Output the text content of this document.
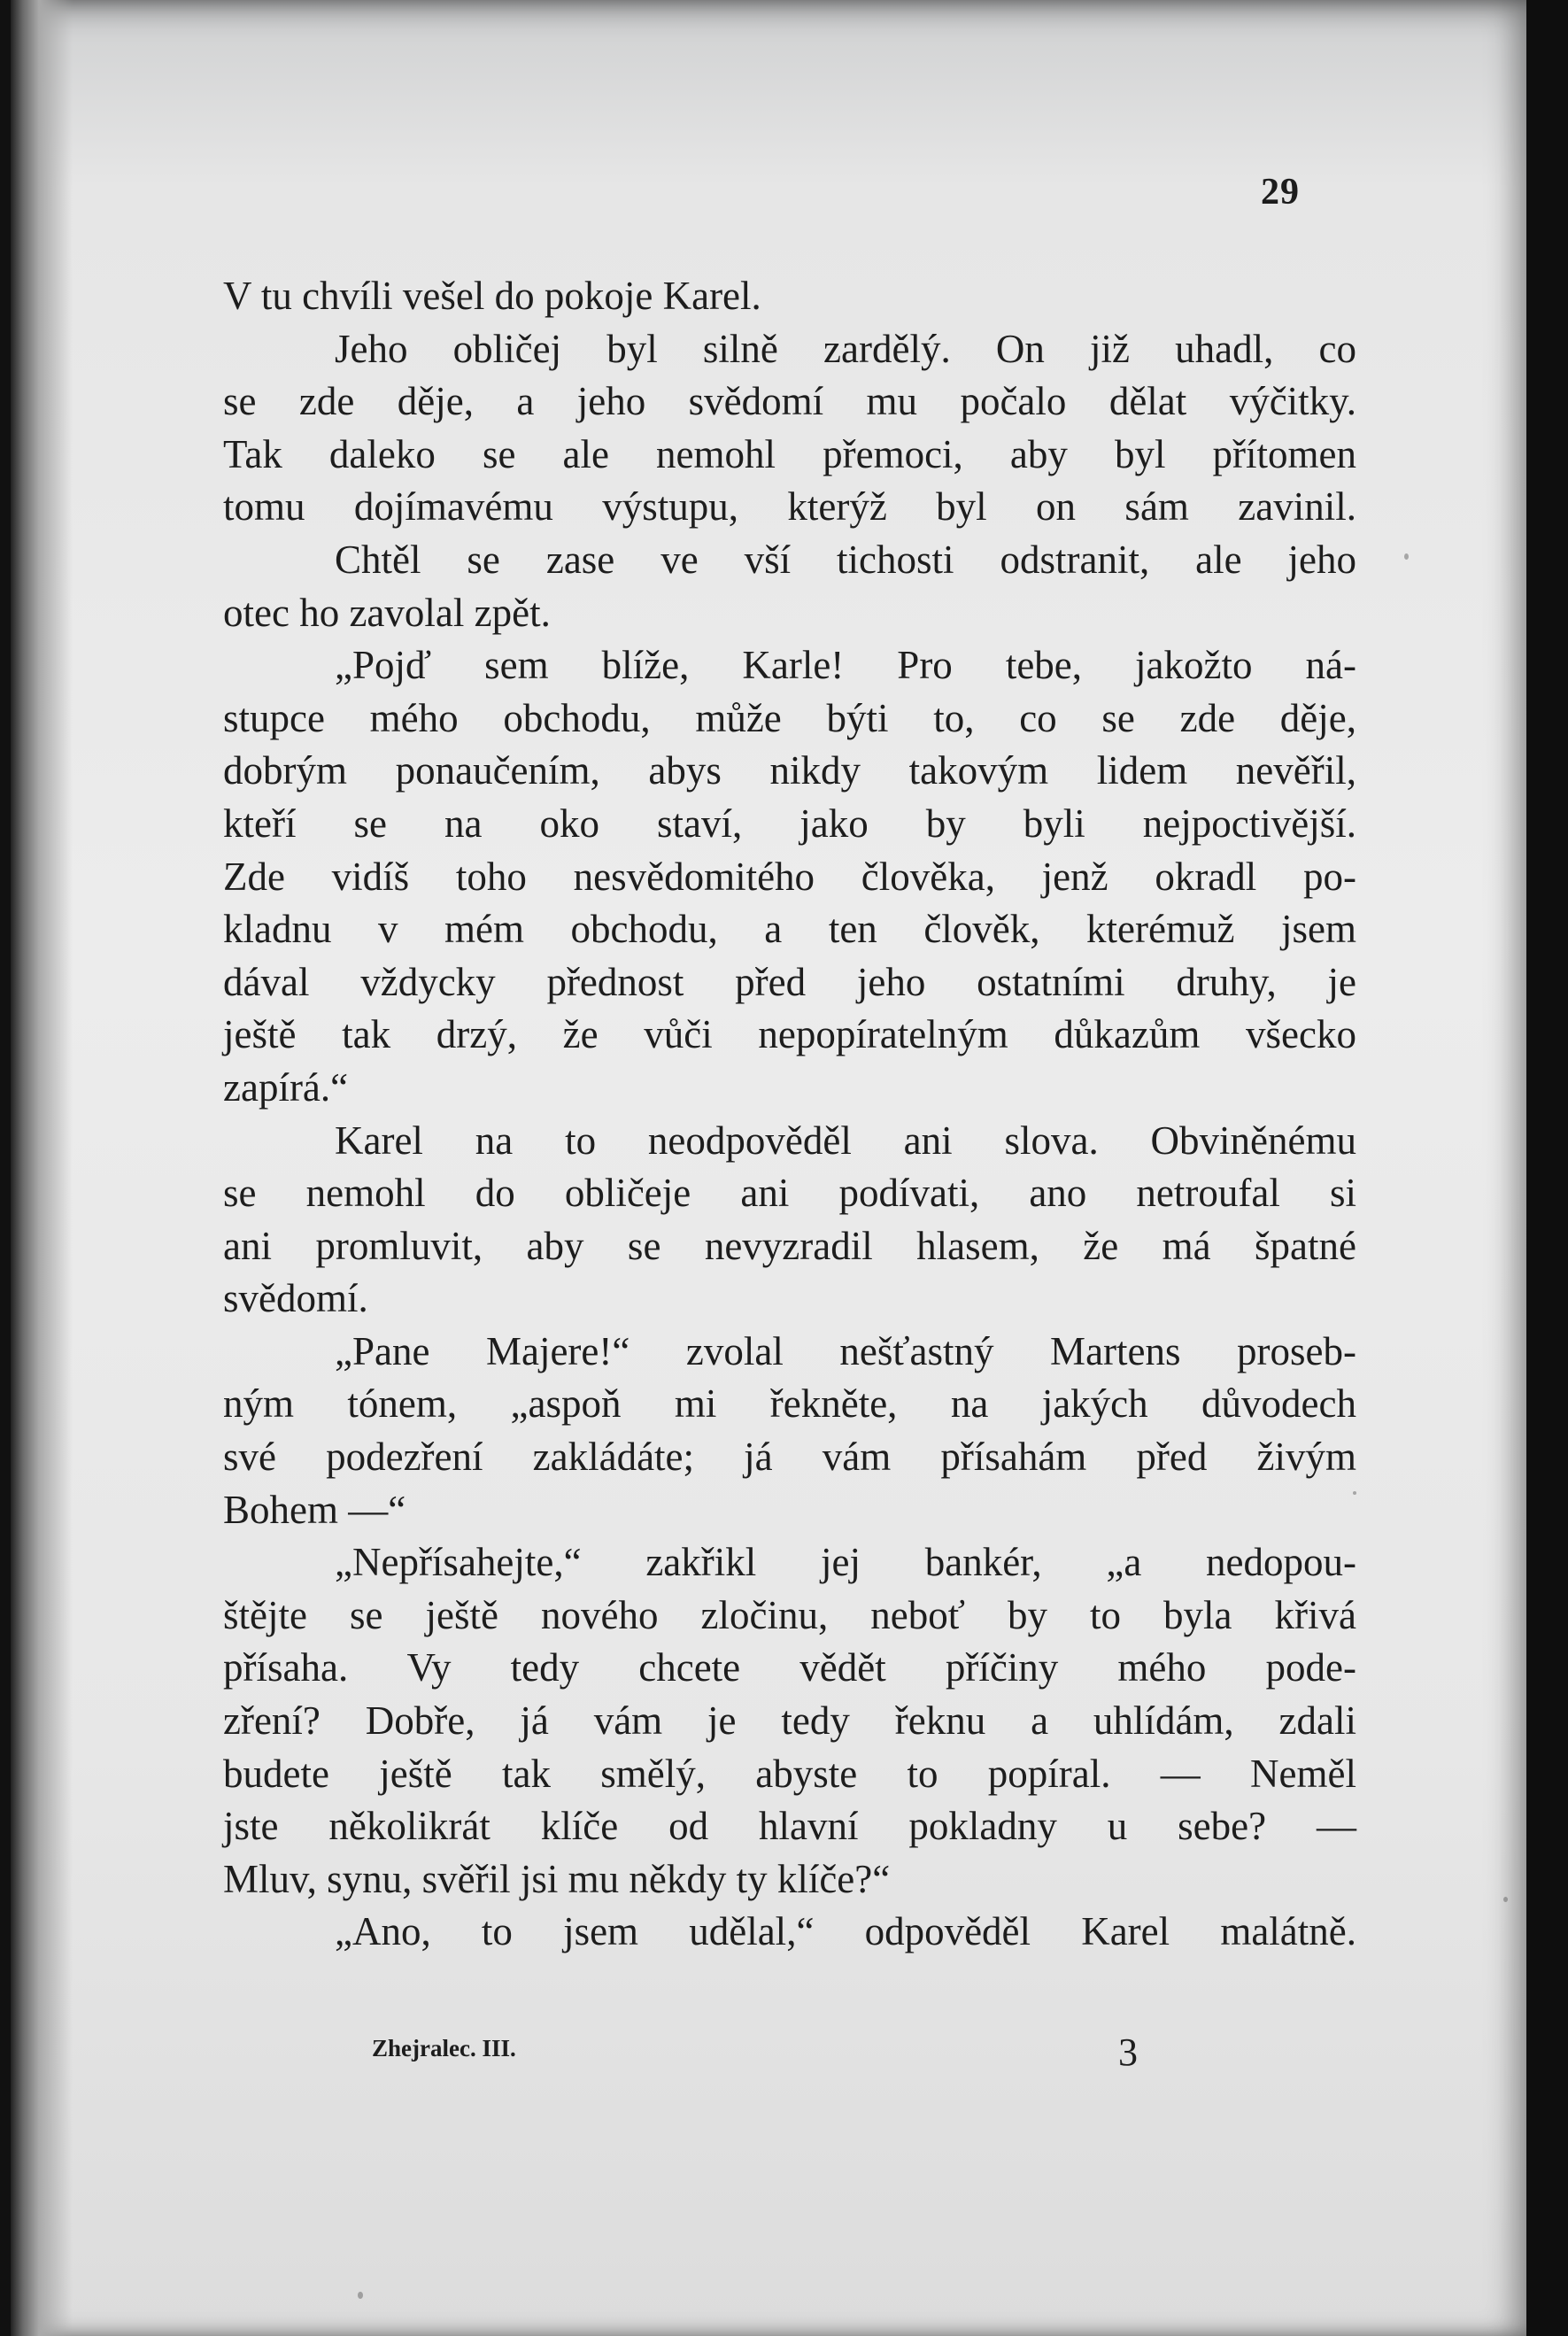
29
V tu chvíli vešel do pokoje Karel.
Jeho obličej byl silně zardělý. On již uhadl, co
se zde děje, a jeho svědomí mu počalo dělat výčitky.
Tak daleko se ale nemohl přemoci, aby byl přítomen
tomu dojímavému výstupu, kterýž byl on sám zavinil.
Chtěl se zase ve vší tichosti odstranit, ale jeho
otec ho zavolal zpět.
„Pojď sem blíže, Karle! Pro tebe, jakožto ná-
stupce mého obchodu, může býti to, co se zde děje,
dobrým ponaučením, abys nikdy takovým lidem nevěřil,
kteří se na oko staví, jako by byli nejpoctivější.
Zde vidíš toho nesvědomitého člověka, jenž okradl po-
kladnu v mém obchodu, a ten člověk, kterémuž jsem
dával vždycky přednost před jeho ostatními druhy, je
ještě tak drzý, že vůči nepopíratelným důkazům všecko
zapírá.“
Karel na to neodpověděl ani slova. Obviněnému
se nemohl do obličeje ani podívati, ano netroufal si
ani promluvit, aby se nevyzradil hlasem, že má špatné
svědomí.
„Pane Majere!“ zvolal nešťastný Martens proseb-
ným tónem, „aspoň mi řekněte, na jakých důvodech
své podezření zakládáte; já vám přísahám před živým
Bohem —“
„Nepřísahejte,“ zakřikl jej bankér, „a nedopou-
štějte se ještě nového zločinu, neboť by to byla křivá
přísaha. Vy tedy chcete vědět příčiny mého pode-
zření? Dobře, já vám je tedy řeknu a uhlídám, zdali
budete ještě tak smělý, abyste to popíral. — Neměl
jste několikrát klíče od hlavní pokladny u sebe? —
Mluv, synu, svěřil jsi mu někdy ty klíče?“
„Ano, to jsem udělal,“ odpověděl Karel malátně.
Zhejralec. III.	3
